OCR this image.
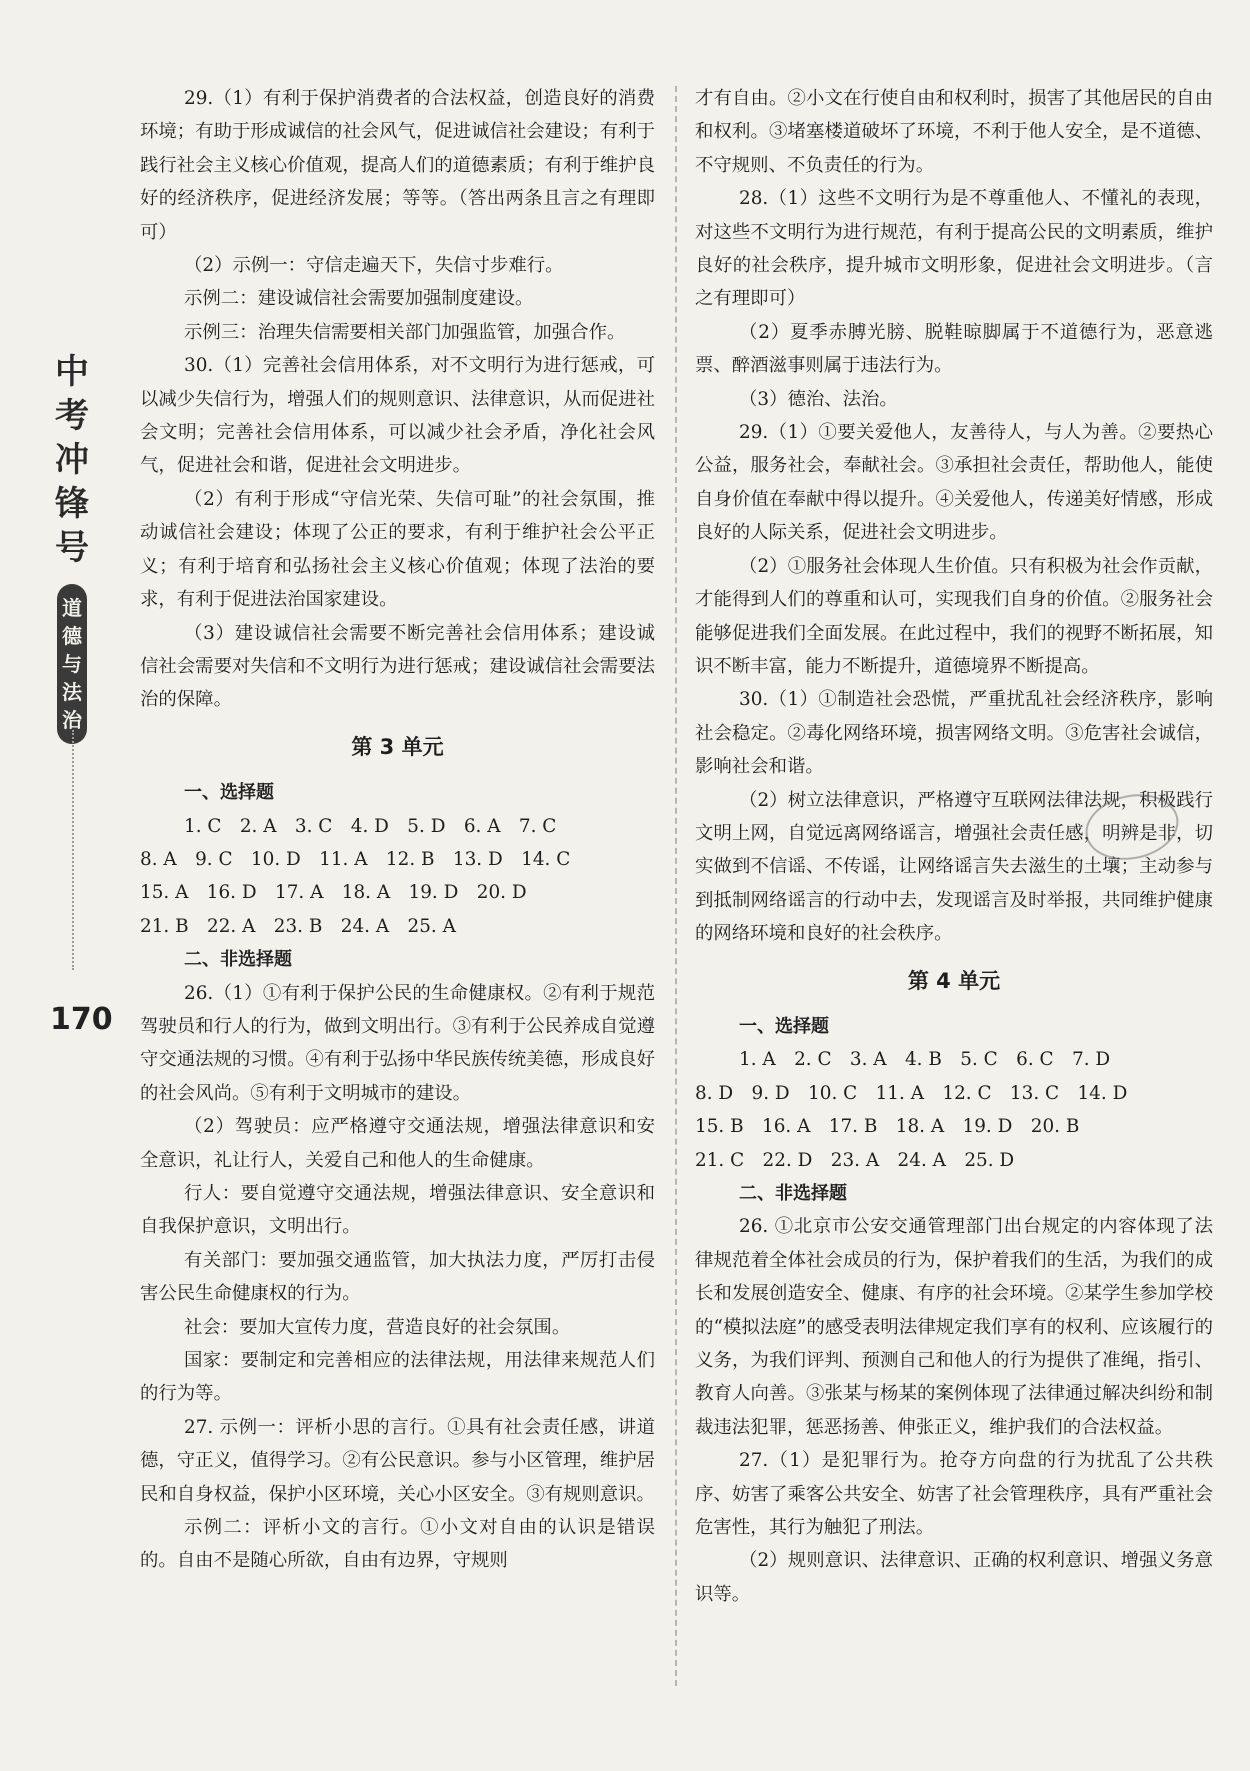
中
考
冲
锋
号
道
德
与
法
治
170

29.（1）有利于保护消费者的合法权益，创造良好的消费环境；有助于形成诚信的社会风气，促进诚信社会建设；有利于践行社会主义核心价值观，提高人们的道德素质；有利于维护良好的经济秩序，促进经济发展；等等。（答出两条且言之有理即可）

（2）示例一：守信走遍天下，失信寸步难行。

示例二：建设诚信社会需要加强制度建设。

示例三：治理失信需要相关部门加强监管，加强合作。

30.（1）完善社会信用体系，对不文明行为进行惩戒，可以减少失信行为，增强人们的规则意识、法律意识，从而促进社会文明；完善社会信用体系，可以减少社会矛盾，净化社会风气，促进社会和谐，促进社会文明进步。

（2）有利于形成“守信光荣、失信可耻”的社会氛围，推动诚信社会建设；体现了公正的要求，有利于维护社会公平正义；有利于培育和弘扬社会主义核心价值观；体现了法治的要求，有利于促进法治国家建设。

（3）建设诚信社会需要不断完善社会信用体系；建设诚信社会需要对失信和不文明行为进行惩戒；建设诚信社会需要法治的保障。

第 3 单元
一、选择题

1. C　2. A　3. C　4. D　5. D　6. A　7. C

8. A　9. C　10. D　11. A　12. B　13. D　14. C

15. A　16. D　17. A　18. A　19. D　20. D

21. B　22. A　23. B　24. A　25. A

二、非选择题

26.（1）①有利于保护公民的生命健康权。②有利于规范驾驶员和行人的行为，做到文明出行。③有利于公民养成自觉遵守交通法规的习惯。④有利于弘扬中华民族传统美德，形成良好的社会风尚。⑤有利于文明城市的建设。

（2）驾驶员：应严格遵守交通法规，增强法律意识和安全意识，礼让行人，关爱自己和他人的生命健康。

行人：要自觉遵守交通法规，增强法律意识、安全意识和自我保护意识，文明出行。

有关部门：要加强交通监管，加大执法力度，严厉打击侵害公民生命健康权的行为。

社会：要加大宣传力度，营造良好的社会氛围。

国家：要制定和完善相应的法律法规，用法律来规范人们的行为等。

27. 示例一：评析小思的言行。①具有社会责任感，讲道德，守正义，值得学习。②有公民意识。参与小区管理，维护居民和自身权益，保护小区环境，关心小区安全。③有规则意识。

示例二：评析小文的言行。①小文对自由的认识是错误的。自由不是随心所欲，自由有边界，守规则

才有自由。②小文在行使自由和权利时，损害了其他居民的自由和权利。③堵塞楼道破坏了环境，不利于他人安全，是不道德、不守规则、不负责任的行为。

28.（1）这些不文明行为是不尊重他人、不懂礼的表现，对这些不文明行为进行规范，有利于提高公民的文明素质，维护良好的社会秩序，提升城市文明形象，促进社会文明进步。（言之有理即可）

（2）夏季赤膊光膀、脱鞋晾脚属于不道德行为，恶意逃票、醉酒滋事则属于违法行为。

（3）德治、法治。

29.（1）①要关爱他人，友善待人，与人为善。②要热心公益，服务社会，奉献社会。③承担社会责任，帮助他人，能使自身价值在奉献中得以提升。④关爱他人，传递美好情感，形成良好的人际关系，促进社会文明进步。

（2）①服务社会体现人生价值。只有积极为社会作贡献，才能得到人们的尊重和认可，实现我们自身的价值。②服务社会能够促进我们全面发展。在此过程中，我们的视野不断拓展，知识不断丰富，能力不断提升，道德境界不断提高。

30.（1）①制造社会恐慌，严重扰乱社会经济秩序，影响社会稳定。②毒化网络环境，损害网络文明。③危害社会诚信，影响社会和谐。

（2）树立法律意识，严格遵守互联网法律法规，积极践行文明上网，自觉远离网络谣言，增强社会责任感，明辨是非，切实做到不信谣、不传谣，让网络谣言失去滋生的土壤；主动参与到抵制网络谣言的行动中去，发现谣言及时举报，共同维护健康的网络环境和良好的社会秩序。

第 4 单元
一、选择题

1. A　2. C　3. A　4. B　5. C　6. C　7. D

8. D　9. D　10. C　11. A　12. C　13. C　14. D

15. B　16. A　17. B　18. A　19. D　20. B

21. C　22. D　23. A　24. A　25. D

二、非选择题

26. ①北京市公安交通管理部门出台规定的内容体现了法律规范着全体社会成员的行为，保护着我们的生活，为我们的成长和发展创造安全、健康、有序的社会环境。②某学生参加学校的“模拟法庭”的感受表明法律规定我们享有的权利、应该履行的义务，为我们评判、预测自己和他人的行为提供了准绳，指引、教育人向善。③张某与杨某的案例体现了法律通过解决纠纷和制裁违法犯罪，惩恶扬善、伸张正义，维护我们的合法权益。

27.（1）是犯罪行为。抢夺方向盘的行为扰乱了公共秩序、妨害了乘客公共安全、妨害了社会管理秩序，具有严重社会危害性，其行为触犯了刑法。

（2）规则意识、法律意识、正确的权利意识、增强义务意识等。
